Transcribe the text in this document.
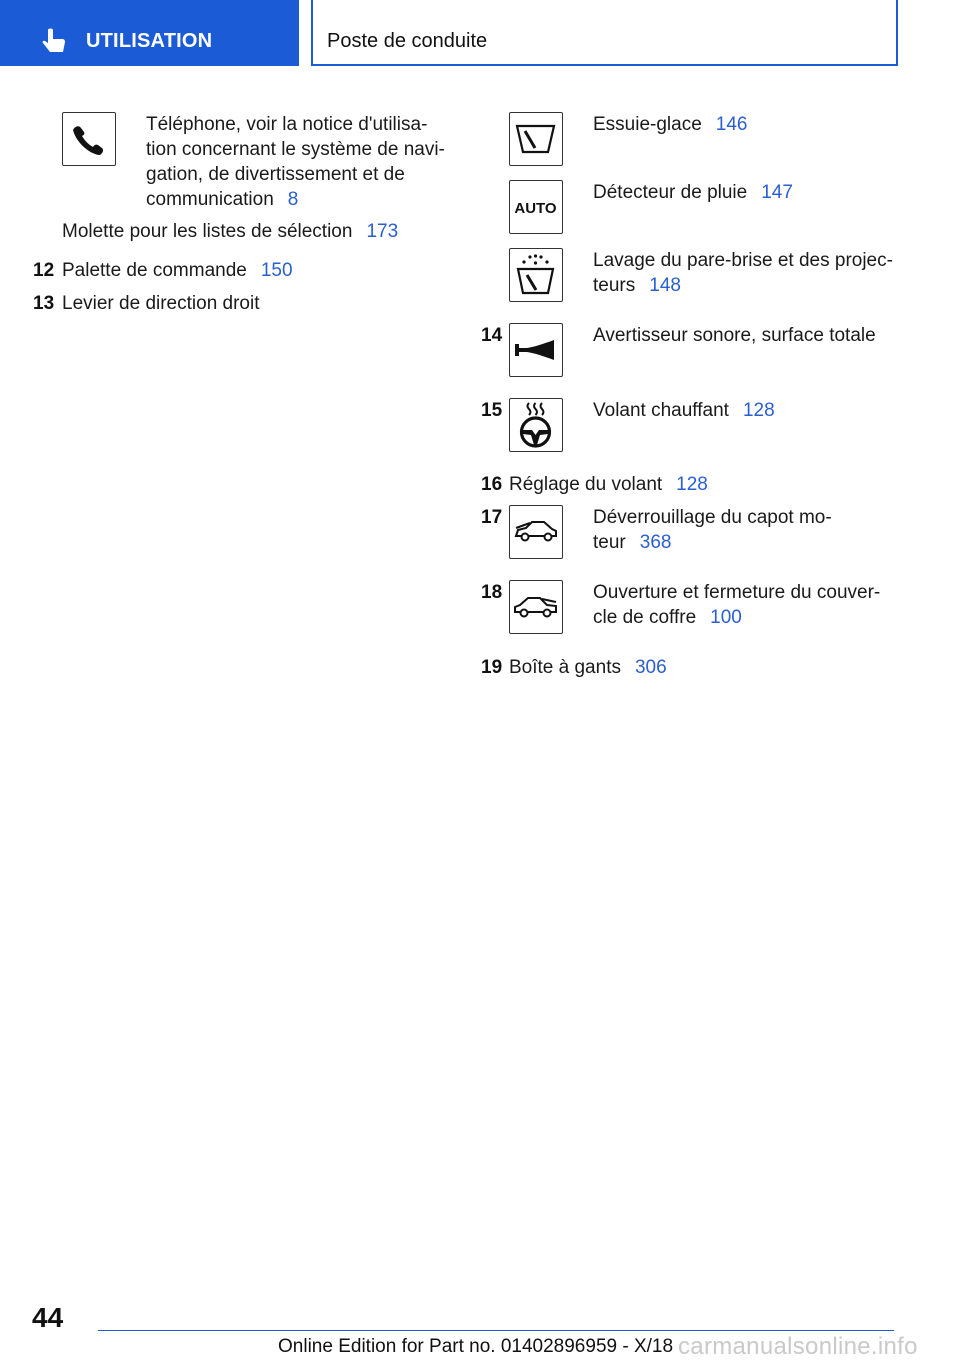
UTILISATION	Poste de conduite
Téléphone, voir la notice d'utilisa-
tion concernant le système de navi-
gation, de divertissement et de
communication 8
Molette pour les listes de sélection 173
12 Palette de commande 150
13 Levier de direction droit
Essuie-glace 146
AUTO
Détecteur de pluie 147
Lavage du pare-brise et des projec-
teurs 148
14	Avertisseur sonore, surface totale
15	Volant chauffant 128
16 Réglage du volant 128
17	Déverrouillage du capot mo-
teur 368
18	Ouverture et fermeture du couver-
cle de coffre 100
19 Boîte à gants 306
44
Online Edition for Part no. 01402896959 - X/18 carmanualsonline.info
